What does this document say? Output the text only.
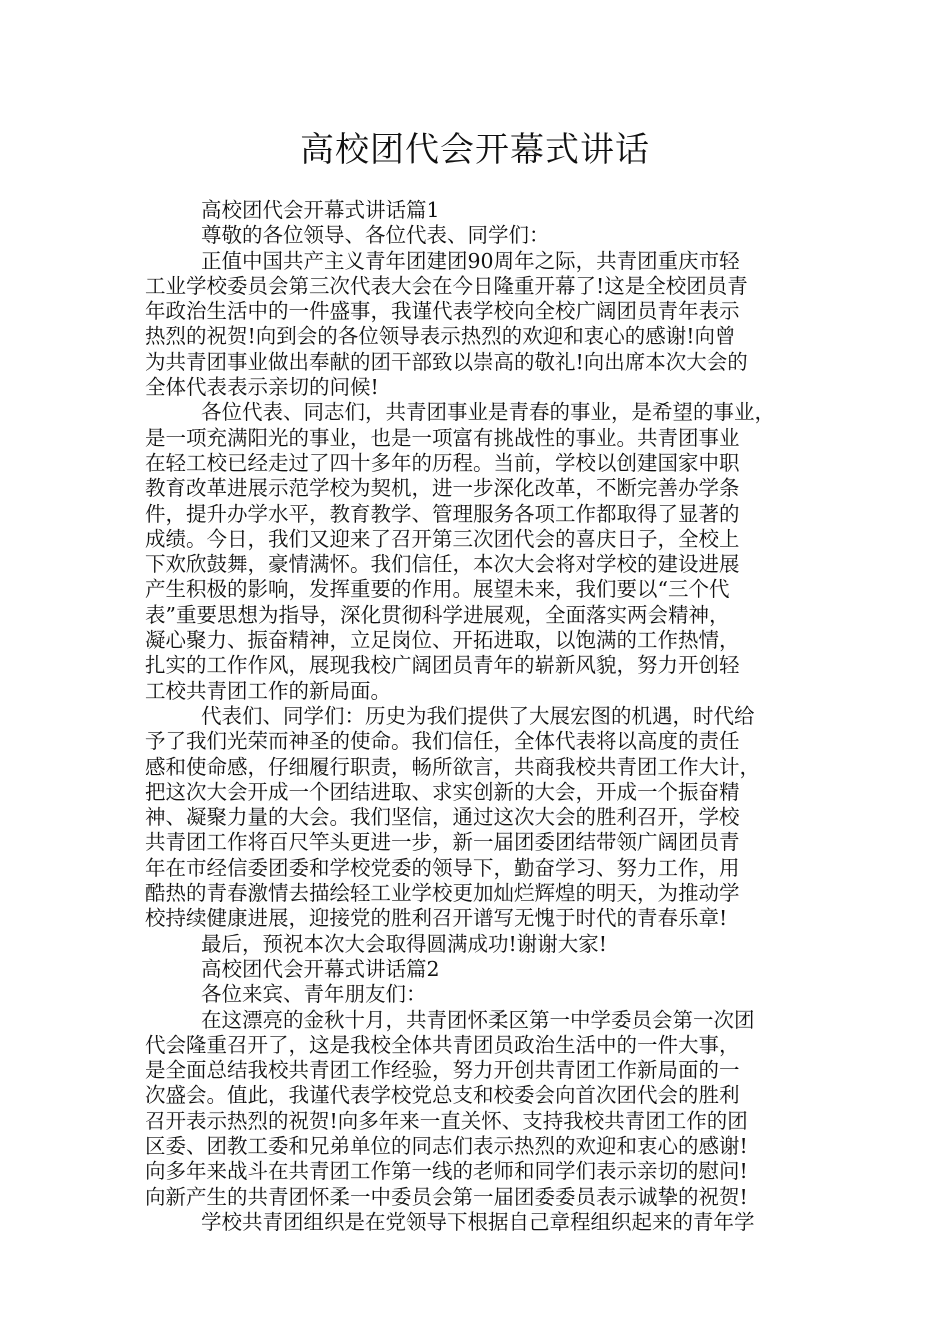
高校团代会开幕式讲话
高校团代会开幕式讲话篇1
尊敬的各位领导、各位代表、同学们：
正值中国共产主义青年团建团90周年之际，共青团重庆市轻
工业学校委员会第三次代表大会在今日隆重开幕了!这是全校团员青
年政治生活中的一件盛事，我谨代表学校向全校广阔团员青年表示
热烈的祝贺!向到会的各位领导表示热烈的欢迎和衷心的感谢!向曾
为共青团事业做出奉献的团干部致以崇高的敬礼!向出席本次大会的
全体代表表示亲切的问候!
各位代表、同志们，共青团事业是青春的事业，是希望的事业，
是一项充满阳光的事业，也是一项富有挑战性的事业。共青团事业
在轻工校已经走过了四十多年的历程。当前，学校以创建国家中职
教育改革进展示范学校为契机，进一步深化改革，不断完善办学条
件，提升办学水平，教育教学、管理服务各项工作都取得了显著的
成绩。今日，我们又迎来了召开第三次团代会的喜庆日子，全校上
下欢欣鼓舞，豪情满怀。我们信任，本次大会将对学校的建设进展
产生积极的影响，发挥重要的作用。展望未来，我们要以“三个代
表”重要思想为指导，深化贯彻科学进展观，全面落实两会精神，
凝心聚力、振奋精神，立足岗位、开拓进取，以饱满的工作热情，
扎实的工作作风，展现我校广阔团员青年的崭新风貌，努力开创轻
工校共青团工作的新局面。
代表们、同学们：历史为我们提供了大展宏图的机遇，时代给
予了我们光荣而神圣的使命。我们信任，全体代表将以高度的责任
感和使命感，仔细履行职责，畅所欲言，共商我校共青团工作大计，
把这次大会开成一个团结进取、求实创新的大会，开成一个振奋精
神、凝聚力量的大会。我们坚信，通过这次大会的胜利召开，学校
共青团工作将百尺竿头更进一步，新一届团委团结带领广阔团员青
年在市经信委团委和学校党委的领导下，勤奋学习、努力工作，用
酷热的青春激情去描绘轻工业学校更加灿烂辉煌的明天，为推动学
校持续健康进展，迎接党的胜利召开谱写无愧于时代的青春乐章!
最后，预祝本次大会取得圆满成功!谢谢大家!
高校团代会开幕式讲话篇2
各位来宾、青年朋友们：
在这漂亮的金秋十月，共青团怀柔区第一中学委员会第一次团
代会隆重召开了，这是我校全体共青团员政治生活中的一件大事，
是全面总结我校共青团工作经验，努力开创共青团工作新局面的一
次盛会。值此，我谨代表学校党总支和校委会向首次团代会的胜利
召开表示热烈的祝贺!向多年来一直关怀、支持我校共青团工作的团
区委、团教工委和兄弟单位的同志们表示热烈的欢迎和衷心的感谢!
向多年来战斗在共青团工作第一线的老师和同学们表示亲切的慰问!
向新产生的共青团怀柔一中委员会第一届团委委员表示诚挚的祝贺!
学校共青团组织是在党领导下根据自己章程组织起来的青年学
